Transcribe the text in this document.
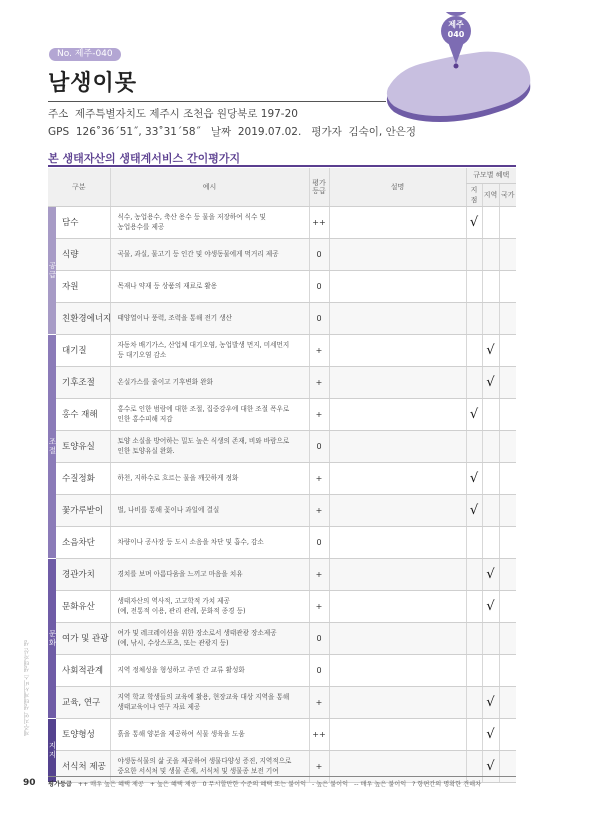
제주
040
No. 제주-040
남생이못
주소 제주특별자치도 제주시 조천읍 원당북로 197-20
GPS 126˚36´51˝, 33˚31´58˝ 날짜 2019.07.02. 평가자 김숙이, 안은정
본 생태자산의 생태계서비스 간이평가지
구분		예시	평가등급	설명	규모별 혜택		
					지점	지역	국가
공급	담수	식수, 농업용수, 축산 용수 등 물을 저장하여 식수 및
농업용수를 제공	++		√		
	식량	곡물, 과실, 물고기 등 인간 및 야생동물에게 먹거리 제공	0				
	자원	목재나 약재 등 상품의 재료로 활용	0				
	친환경에너지	태양열이나 풍력, 조력을 통해 전기 생산	0				
조절	대기질	자동차 배기가스, 산업체 대기오염, 농업발생 먼지, 미세먼지
등 대기오염 감소	+			√	
	기후조절	온실가스를 줄이고 기후변화 완화	+			√	
	홍수 재해	홍수로 인한 범람에 대한 조절, 집중강우에 대한 조절 폭우로
인한 홍수피해 저감	+		√		
	토양유실	토양 소실을 방어하는 밀도 높은 식생의 존재, 비와 바람으로
인한 토양유실 완화.	0				
	수질정화	하천, 지하수로 흐르는 물을 깨끗하게 정화	+		√		
	꽃가루받이	벌, 나비를 통해 꽃이나 과일에 결실	+		√		
	소음차단	차량이나 공사장 등 도시 소음을 차단 및 흡수, 감소	0				
문화	경관가치	경치를 보며 아름다움을 느끼고 마음을 치유	+			√	
	문화유산	생태자산의 역사적, 고고학적 가치 제공
(예, 전통적 이용, 관리 관례, 문화적 종경 등)	+			√	
	여가 및 관광	여가 및 레크레이션을 위한 장소로서 생태관광 장소제공
(예, 낚시, 수상스포츠, 또는 관광지 등)	0				
	사회적관계	지역 정체성을 형성하고 주민 간 교류 활성화	0				
	교육, 연구	지역 학교 학생들의 교육에 활용, 현장교육 대상 지역을 통해
생태교육이나 연구 자료 제공	+			√	
지지	토양형성	흙을 통해 양분을 제공하여 식물 생육을 도움	++			√	
	서식처 제공	야생동식물의 삶 곳을 제공하여 생물다양성 증진, 지역적으로
중요한 서식처 및 생물 존재, 서식처 및 생물종 보전 기여	+			√	
제주지역 생태계서비스 생태자산 생
90 평가등급 ++ 매우 높은 혜택 제공 + 높은 혜택 제공 0 무시할만한 수준의 혜택 또는 불이익 - 높은 불이익 -- 매우 높은 불이익 ? 항편간의 명확한 견해차
